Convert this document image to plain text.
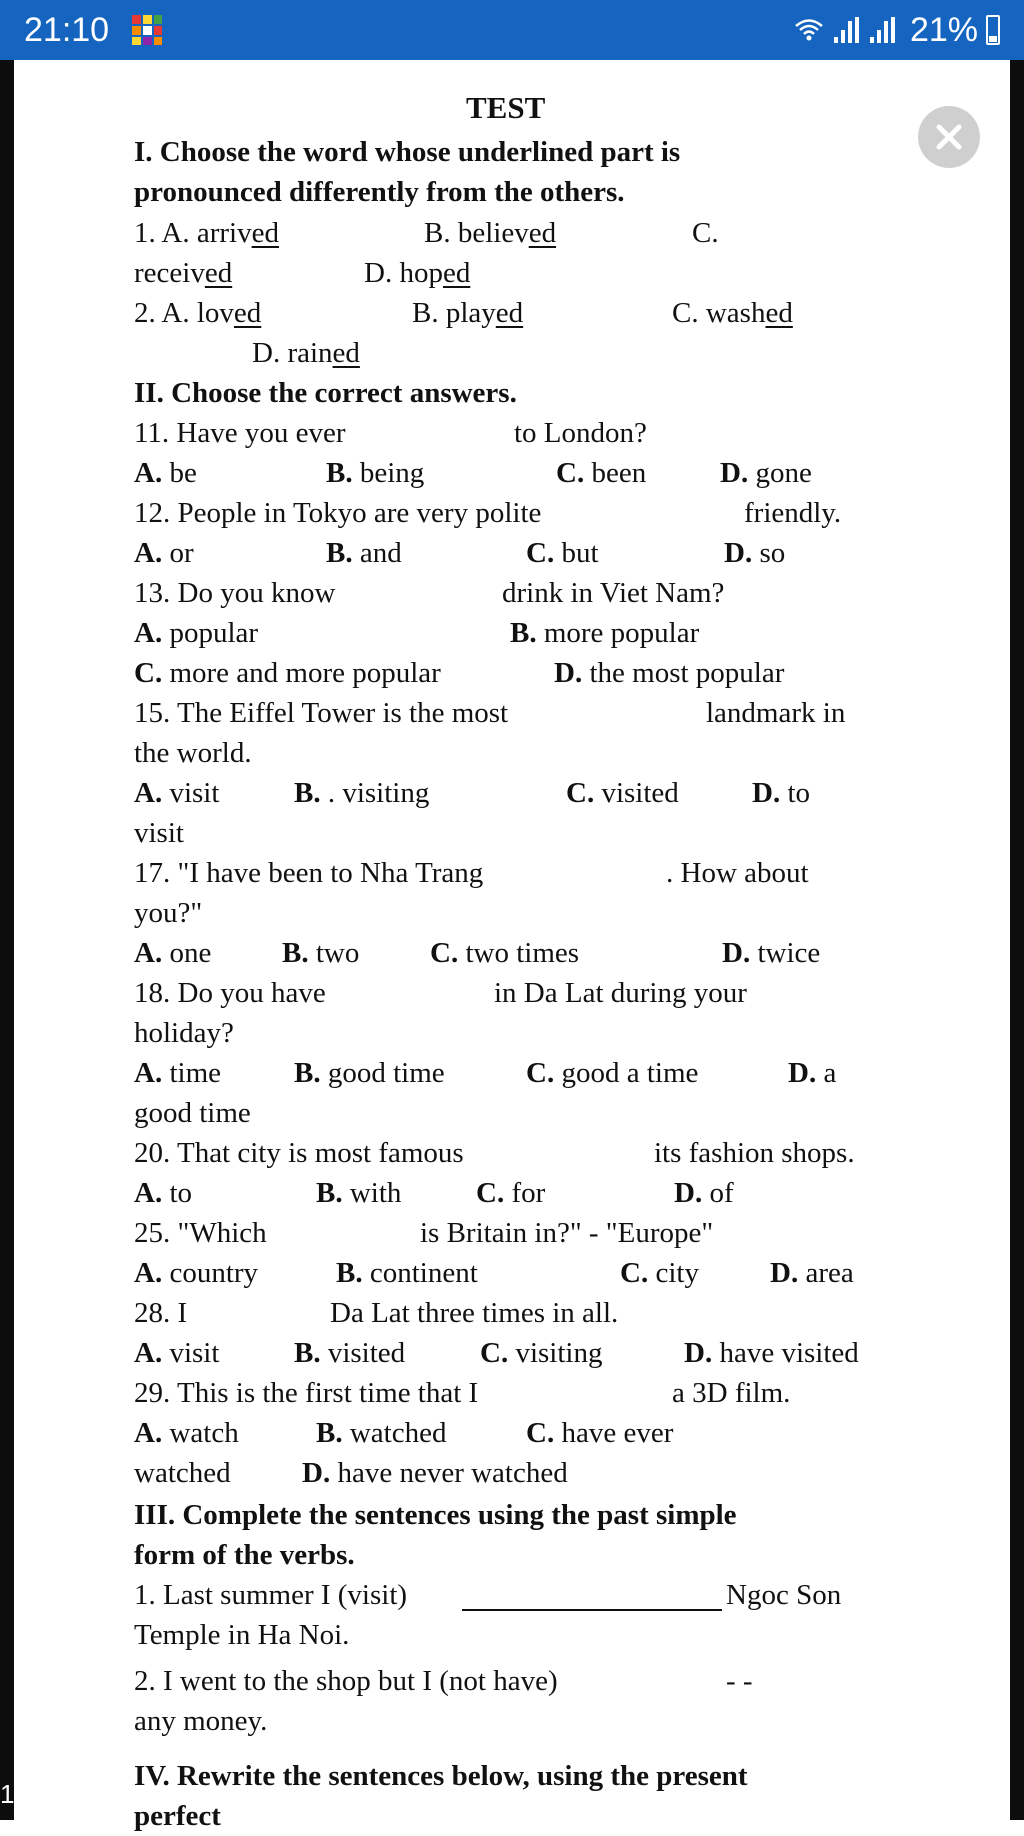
21:10	21%
1
TEST
I. Choose the word whose underlined part is
pronounced differently from the others.
1. A. arrived	B. believed	C.
received	D. hoped
2. A. loved	B. played	C. washed
D. rained
II. Choose the correct answers.
11. Have you ever	to London?
A. be	B. being	C. been	D. gone
12. People in Tokyo are very polite	friendly.
A. or	B. and	C. but	D. so
13. Do you know	drink in Viet Nam?
A. popular	B. more popular
C. more and more popular	D. the most popular
15. The Eiffel Tower is the most	landmark in
the world.
A. visit	B. . visiting	C. visited	D. to
visit
17. "I have been to Nha Trang	. How about
you?"
A. one B. two C. two times	D. twice
18. Do you have	in Da Lat during your
holiday?
A. time	B. good time	C. good a time	D. a
good time
20. That city is most famous	its fashion shops.
A. to	B. with	C. for	D. of
25. "Which	is Britain in?" - "Europe"
A. country	B. continent	C. city D. area
28. I	Da Lat three times in all.
A. visit	B. visited	C. visiting	D. have visited
29. This is the first time that I	a 3D film.
A. watch	B. watched	C. have ever
watched D. have never watched
III. Complete the sentences using the past simple
form of the verbs.
1. Last summer I (visit)	Ngoc Son
Temple in Ha Noi.
2. I went to the shop but I (not have)	- -
any money.
IV. Rewrite the sentences below, using the present
perfect
